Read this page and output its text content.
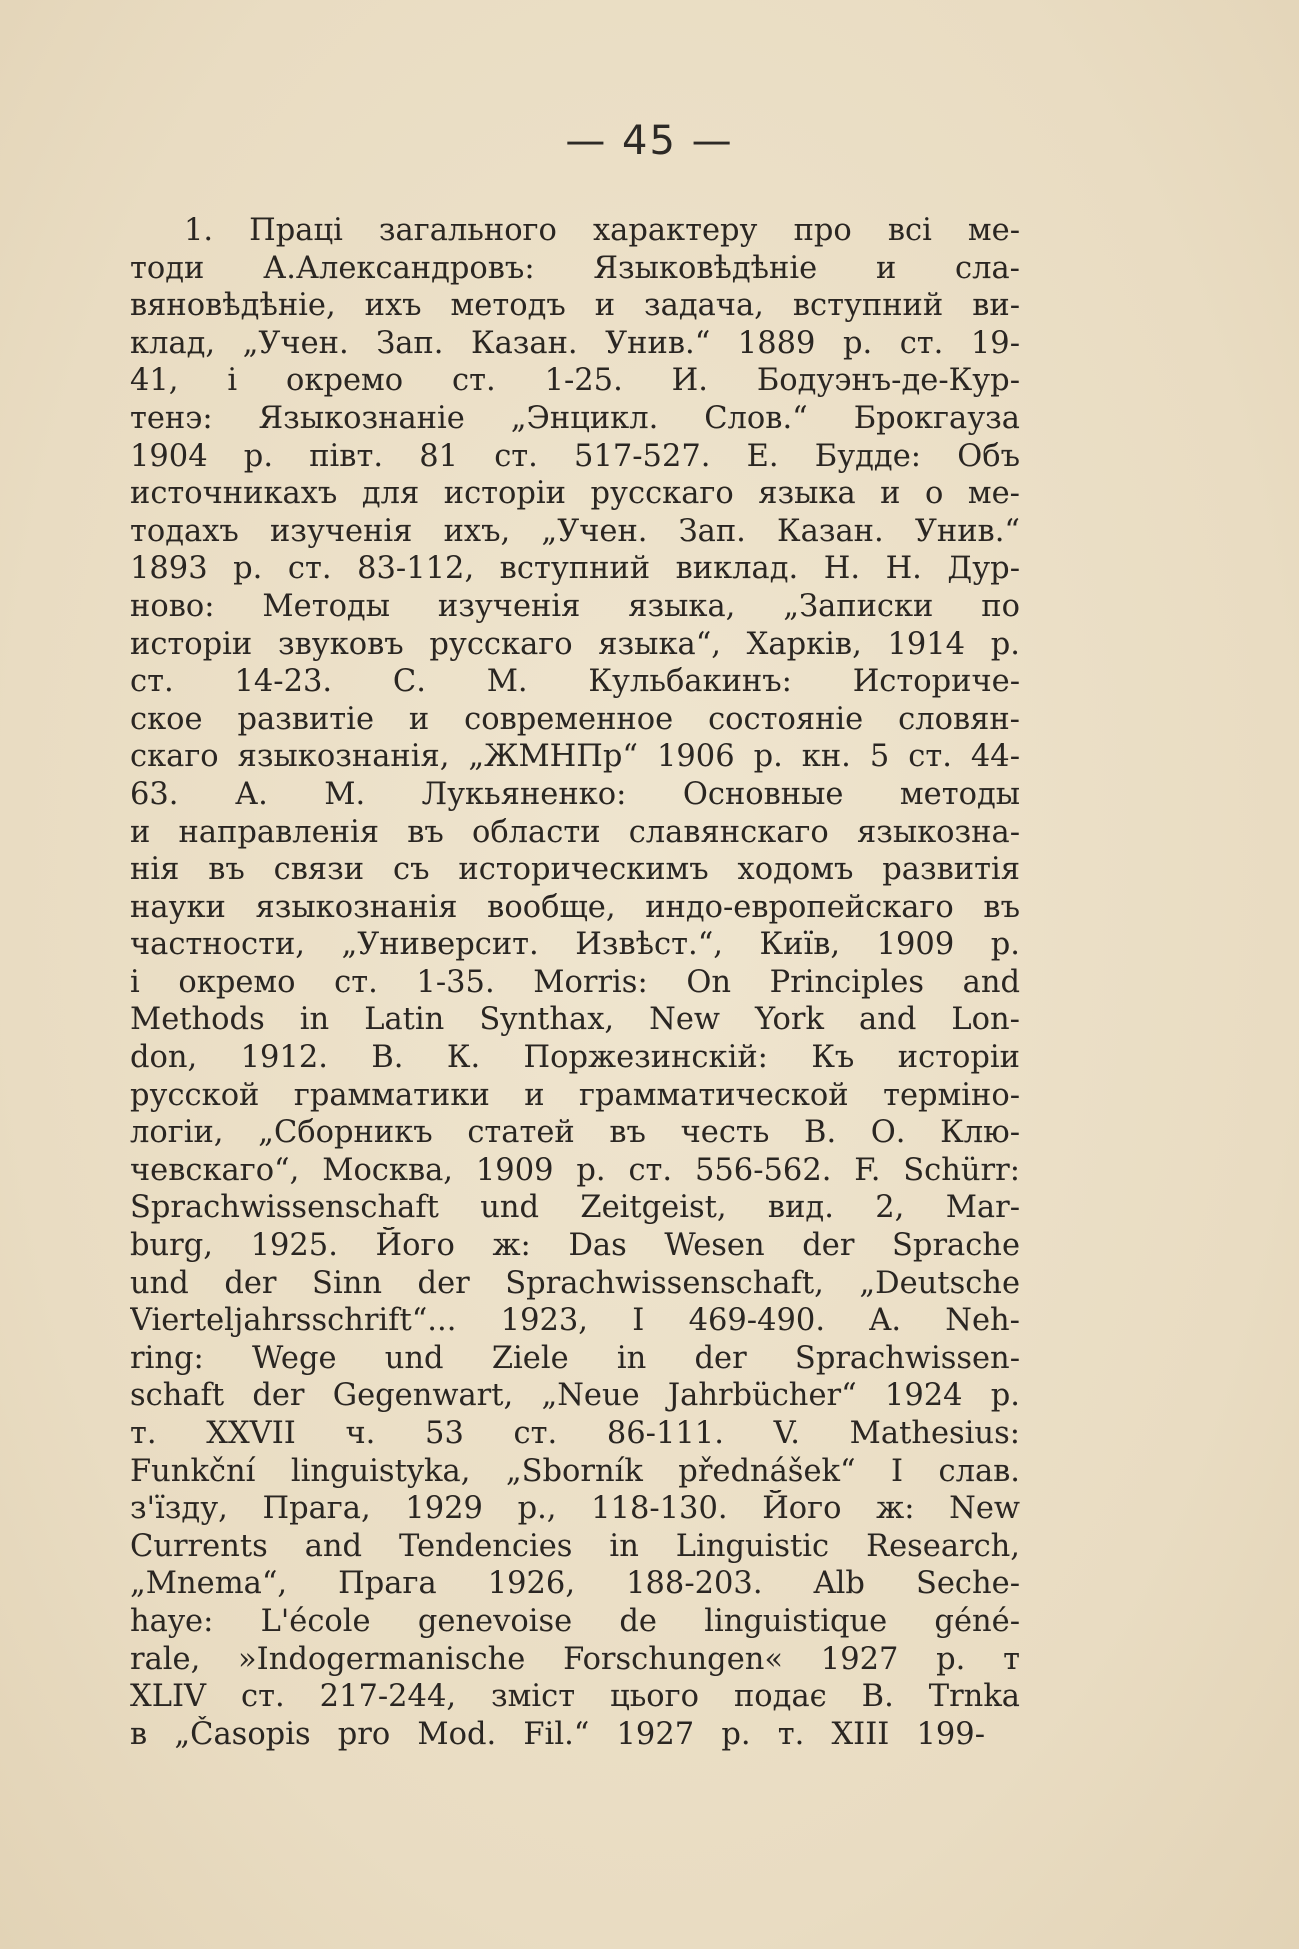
— 45 —
1. Праці загального характеру про всі ме-
тоди А.Александровъ: Языковѣдѣніе и сла-
вяновѣдѣніе, ихъ методъ и задача, вступний ви-
клад, „Учен. Зап. Казан. Унив.“ 1889 р. ст. 19-
41, і окремо ст. 1-25. И. Бодуэнъ-де-Кур-
тенэ: Языкознаніе „Энцикл. Слов.“ Брокгауза
1904 р. півт. 81 ст. 517-527. Е. Будде: Объ
источникахъ для исторіи русскаго языка и о ме-
тодахъ изученія ихъ, „Учен. Зап. Казан. Унив.“
1893 р. ст. 83-112, вступний виклад. Н. Н. Дур-
ново: Методы изученія языка, „Записки по
исторіи звуковъ русскаго языка“, Харків, 1914 р.
ст. 14-23. С. М. Кульбакинъ: Историче-
ское развитіе и современное состояніе словян-
скаго языкознанія, „ЖМНПр“ 1906 р. кн. 5 ст. 44-
63. А. М. Лукьяненко: Основные методы
и направленія въ области славянскаго языкозна-
нія въ связи съ историческимъ ходомъ развитія
науки языкознанія вообще, индо-европейскаго въ
частности, „Университ. Извѣст.“, Київ, 1909 р.
і окремо ст. 1-35. Morris: On Principles and
Methods in Latin Synthax, New York and Lon-
don, 1912. В. К. Поржезинскій: Къ исторіи
русской грамматики и грамматической терміно-
логіи, „Сборникъ статей въ честь В. О. Клю-
чевскаго“, Москва, 1909 р. ст. 556-562. F. Schürr:
Sprachwissenschaft und Zeitgeist, вид. 2, Mar-
burg, 1925. Його ж: Das Wesen der Sprache
und der Sinn der Sprachwissenschaft, „Deutsche
Vierteljahrsschrift“... 1923, I 469-490. A. Neh-
ring: Wege und Ziele in der Sprachwissen-
schaft der Gegenwart, „Neue Jahrbücher“ 1924 р.
т. XXVII ч. 53 ст. 86-111. V. Mathesius:
Funkční linguistyka, „Sborník přednášek“ I слав.
з'їзду, Прага, 1929 р., 118-130. Його ж: New
Currents and Tendencies in Linguistic Research,
„Mnema“, Прага 1926, 188-203. Alb Seche-
haye: L'école genevoise de linguistique géné-
rale, »Indogermanische Forschungen« 1927 р. т
XLIV ст. 217-244, зміст цього подає B. Trnka
в „Časopis pro Mod. Fil.“ 1927 р. т. XIII 199-
